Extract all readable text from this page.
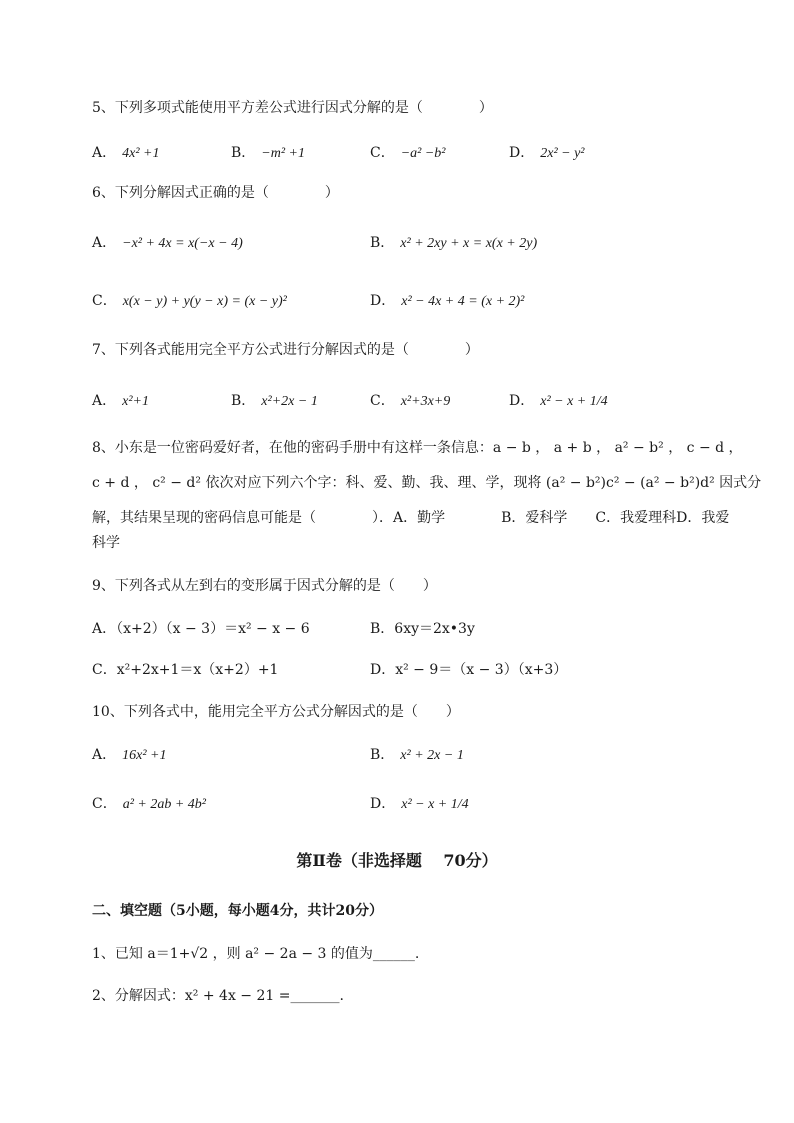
5、下列多项式能使用平方差公式进行因式分解的是（　　　　）
A． 4x² +1	B． −m² +1	C． −a² −b²	D． 2x² − y²
6、下列分解因式正确的是（　　　　）
A． −x² + 4x = x(−x − 4)	B． x² + 2xy + x = x(x + 2y)
C． x(x − y) + y(y − x) = (x − y)²	D． x² − 4x + 4 = (x + 2)²
7、下列各式能用完全平方公式进行分解因式的是（　　　　）
A． x²+1	B． x²+2x − 1	C． x²+3x+9	D． x² − x + 1/4
8、小东是一位密码爱好者，在他的密码手册中有这样一条信息：a − b ， a + b ， a² − b² ， c − d ，
c + d ， c² − d² 依次对应下列六个字：科、爱、勤、我、理、学，现将 (a² − b²)c² − (a² − b²)d² 因式分
解，其结果呈现的密码信息可能是（　　　　）．A．勤学　　　　B．爱科学　　C．我爱理科D．我爱
科学
9、下列各式从左到右的变形属于因式分解的是（　　）
A．（x+2）（x − 3）＝x² − x − 6	B．6xy＝2x•3y
C．x²+2x+1＝x（x+2）+1	D．x² − 9＝（x − 3）（x+3）
10、下列各式中，能用完全平方公式分解因式的是（　　）
A． 16x² +1	B． x² + 2x − 1
C． a² + 2ab + 4b²	D． x² − x + 1/4
第Ⅱ卷（非选择题　 70分）
二、填空题（5小题，每小题4分，共计20分）
1、已知 a＝1+√2 ，则 a² − 2a − 3 的值为______.
2、分解因式：x² + 4x − 21 =_______.
